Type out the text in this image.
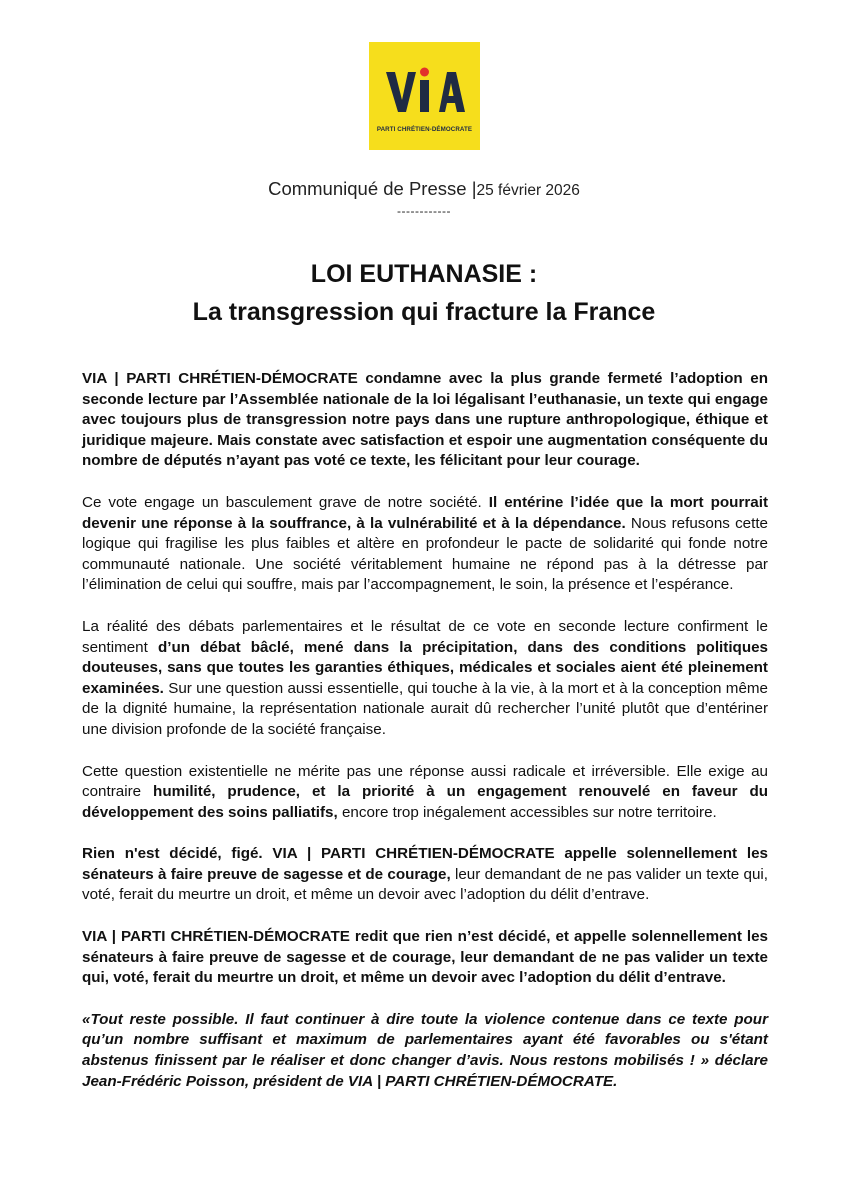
PARTI CHRÉTIEN-DÉMOCRATE
Communiqué de Presse |25 février 2026
------------
LOI EUTHANASIE :
La transgression qui fracture la France

VIA | PARTI CHRÉTIEN-DÉMOCRATE condamne avec la plus grande fermeté l’adoption en seconde lecture par l’Assemblée nationale de la loi légalisant l’euthanasie, un texte qui engage avec toujours plus de transgression notre pays dans une rupture anthropologique, éthique et juridique majeure. Mais constate avec satisfaction et espoir une augmentation conséquente du nombre de députés n’ayant pas voté ce texte, les félicitant pour leur courage.

Ce vote engage un basculement grave de notre société. Il entérine l’idée que la mort pourrait devenir une réponse à la souffrance, à la vulnérabilité et à la dépendance. Nous refusons cette logique qui fragilise les plus faibles et altère en profondeur le pacte de solidarité qui fonde notre communauté nationale. Une société véritablement humaine ne répond pas à la détresse par l’élimination de celui qui souffre, mais par l’accompagnement, le soin, la présence et l’espérance.

La réalité des débats parlementaires et le résultat de ce vote en seconde lecture confirment le sentiment d’un débat bâclé, mené dans la précipitation, dans des conditions politiques douteuses, sans que toutes les garanties éthiques, médicales et sociales aient été pleinement examinées. Sur une question aussi essentielle, qui touche à la vie, à la mort et à la conception même de la dignité humaine, la représentation nationale aurait dû rechercher l’unité plutôt que d’entériner une division profonde de la société française.

Cette question existentielle ne mérite pas une réponse aussi radicale et irréversible. Elle exige au contraire humilité, prudence, et la priorité à un engagement renouvelé en faveur du développement des soins palliatifs, encore trop inégalement accessibles sur notre territoire.

Rien n'est décidé, figé. VIA | PARTI CHRÉTIEN-DÉMOCRATE appelle solennellement les sénateurs à faire preuve de sagesse et de courage, leur demandant de ne pas valider un texte qui, voté, ferait du meurtre un droit, et même un devoir avec l’adoption du délit d’entrave.

VIA | PARTI CHRÉTIEN-DÉMOCRATE redit que rien n’est décidé, et appelle solennellement les sénateurs à faire preuve de sagesse et de courage, leur demandant de ne pas valider un texte qui, voté, ferait du meurtre un droit, et même un devoir avec l’adoption du délit d’entrave.

«Tout reste possible. Il faut continuer à dire toute la violence contenue dans ce texte pour qu’un nombre suffisant et maximum de parlementaires ayant été favorables ou s'étant abstenus finissent par le réaliser et donc changer d’avis. Nous restons mobilisés ! » déclare Jean-Frédéric Poisson, président de VIA | PARTI CHRÉTIEN-DÉMOCRATE.
